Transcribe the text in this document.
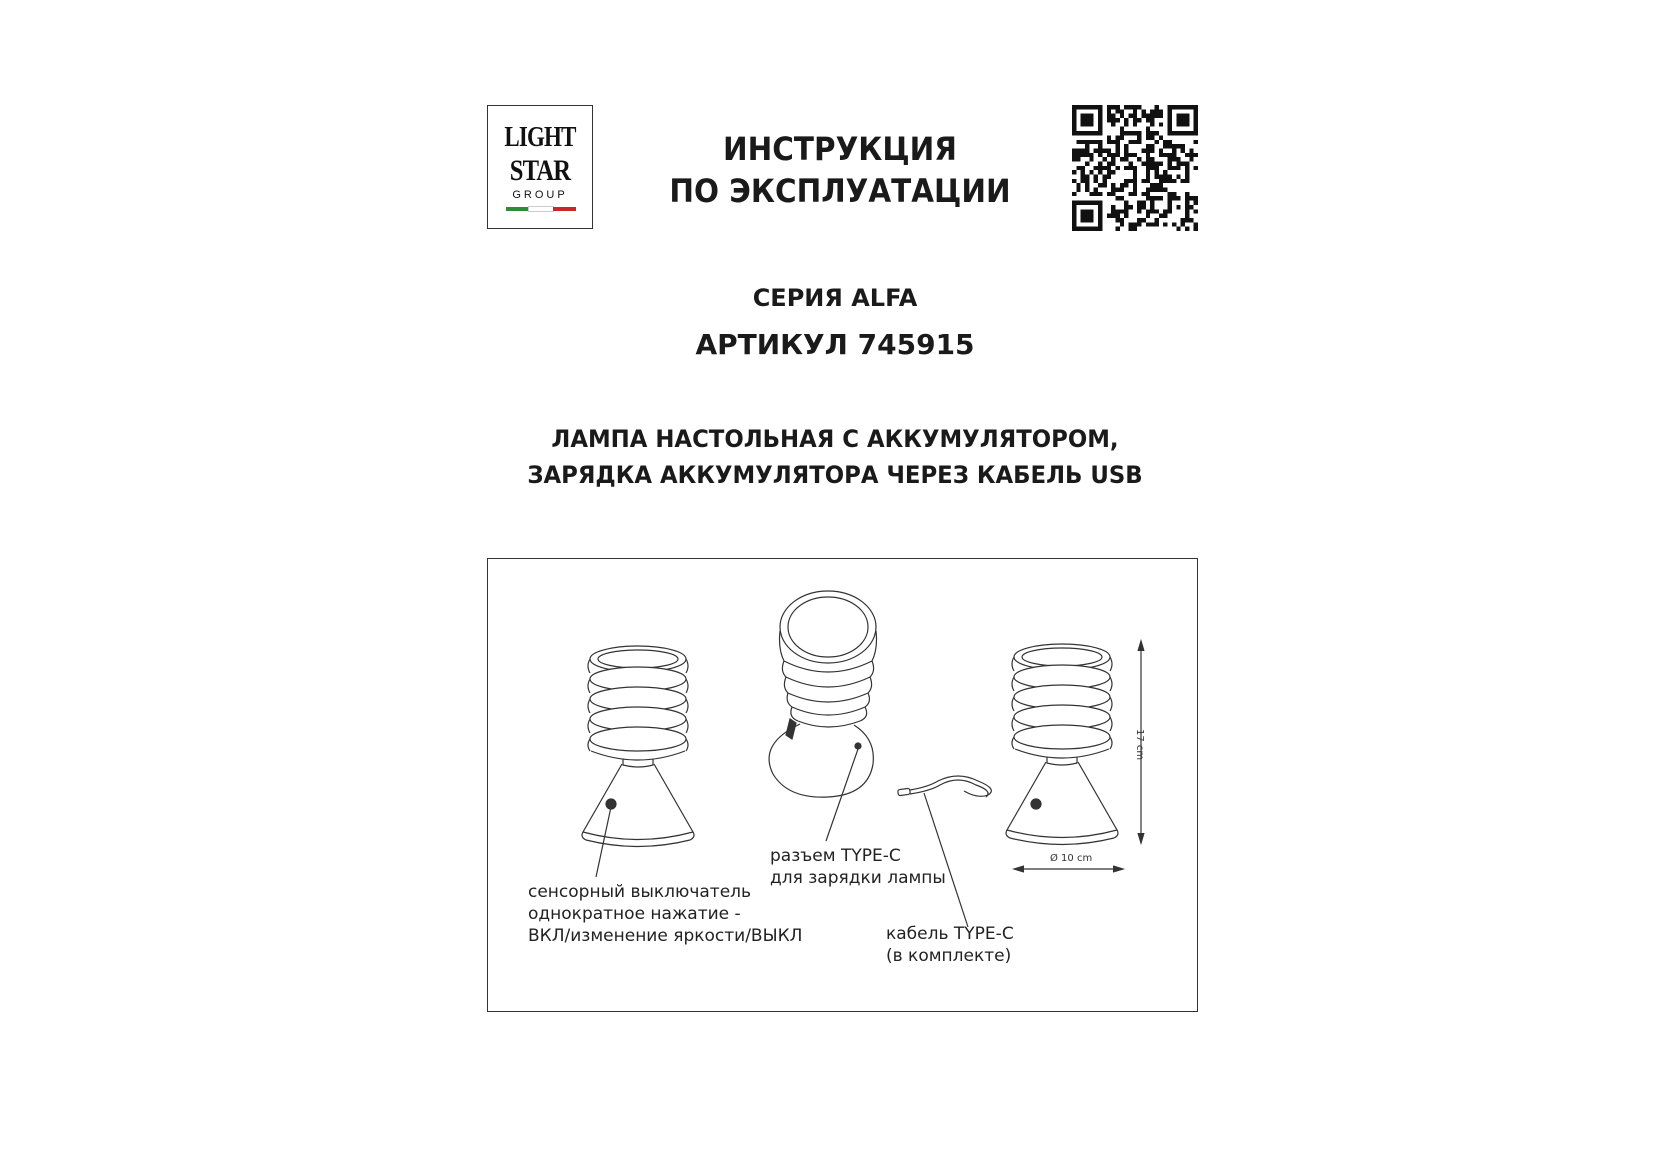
LIGHT
STAR
GROUP
ИНСТРУКЦИЯ
ПО ЭКСПЛУАТАЦИИ
СЕРИЯ ALFA
АРТИКУЛ 745915
ЛАМПА НАСТОЛЬНАЯ С АККУМУЛЯТОРОМ,
ЗАРЯДКА АККУМУЛЯТОРА ЧЕРЕЗ КАБЕЛЬ USB
сенсорный выключатель
однократное нажатие -
ВКЛ/изменение яркости/ВЫКЛ
разъем TYPE-C
для зарядки лампы
кабель TYPE-C
(в комплекте)
17 cm
Ø 10 cm
